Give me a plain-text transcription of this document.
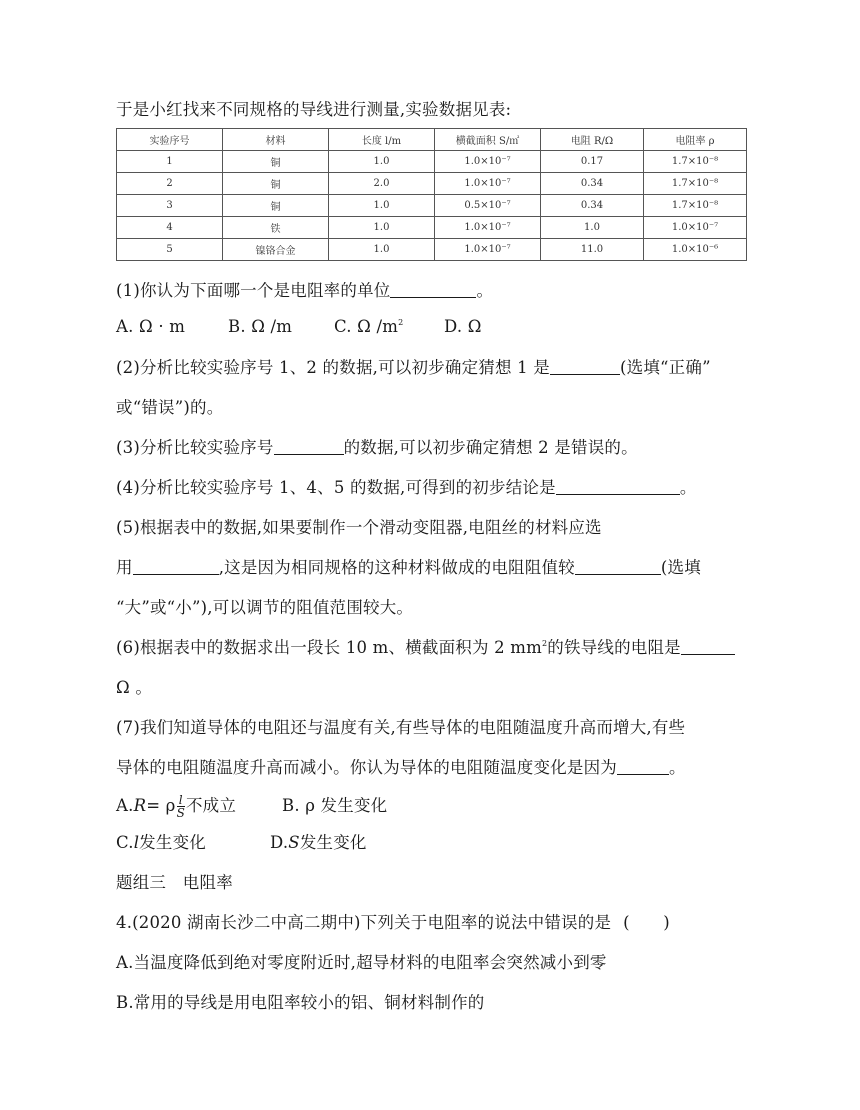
于是小红找来不同规格的导线进行测量,实验数据见表:
实验序号	材料	长度 l/m	横截面积 S/㎡	电阻 R/Ω	电阻率 ρ
1	铜	1.0	1.0×10⁻⁷	0.17	1.7×10⁻⁸
2	铜	2.0	1.0×10⁻⁷	0.34	1.7×10⁻⁸
3	铜	1.0	0.5×10⁻⁷	0.34	1.7×10⁻⁸
4	铁	1.0	1.0×10⁻⁷	1.0	1.0×10⁻⁷
5	镍铬合金	1.0	1.0×10⁻⁷	11.0	1.0×10⁻⁶
(1)你认为下面哪一个是电阻率的单位	。
A. Ω · m	B. Ω /m	C. Ω $/m^2$ D. Ω
(2)分析比较实验序号 1、2 的数据,可以初步确定猜想 1 是	(选填“正确”
或“错误”)的。
(3)分析比较实验序号	的数据,可以初步确定猜想 2 是错误的。
(4)分析比较实验序号 1、4、5 的数据,可得到的初步结论是	。
(5)根据表中的数据,如果要制作一个滑动变阻器,电阻丝的材料应选
用	,这是因为相同规格的这种材料做成的电阻阻值较	(选填
“大”或“小”),可以调节的阻值范围较大。
(6)根据表中的数据求出一段长 10 m、横截面积为 2 $mm^2$的铁导线的电阻是
Ω 。
(7)我们知道导体的电阻还与温度有关,有些导体的电阻随温度升高而增大,有些
导体的电阻随温度升高而减小。你认为导体的电阻随温度变化是因为	。
A.R= ρ $\frac{l}{S}$ 不成立	B. ρ 发生变化
C.l发生变化	D.S发生变化
题组三　电阻率
4.(2020 湖南长沙二中高二期中)下列关于电阻率的说法中错误的是 (　　)
A.当温度降低到绝对零度附近时,超导材料的电阻率会突然减小到零
B.常用的导线是用电阻率较小的铝、铜材料制作的
